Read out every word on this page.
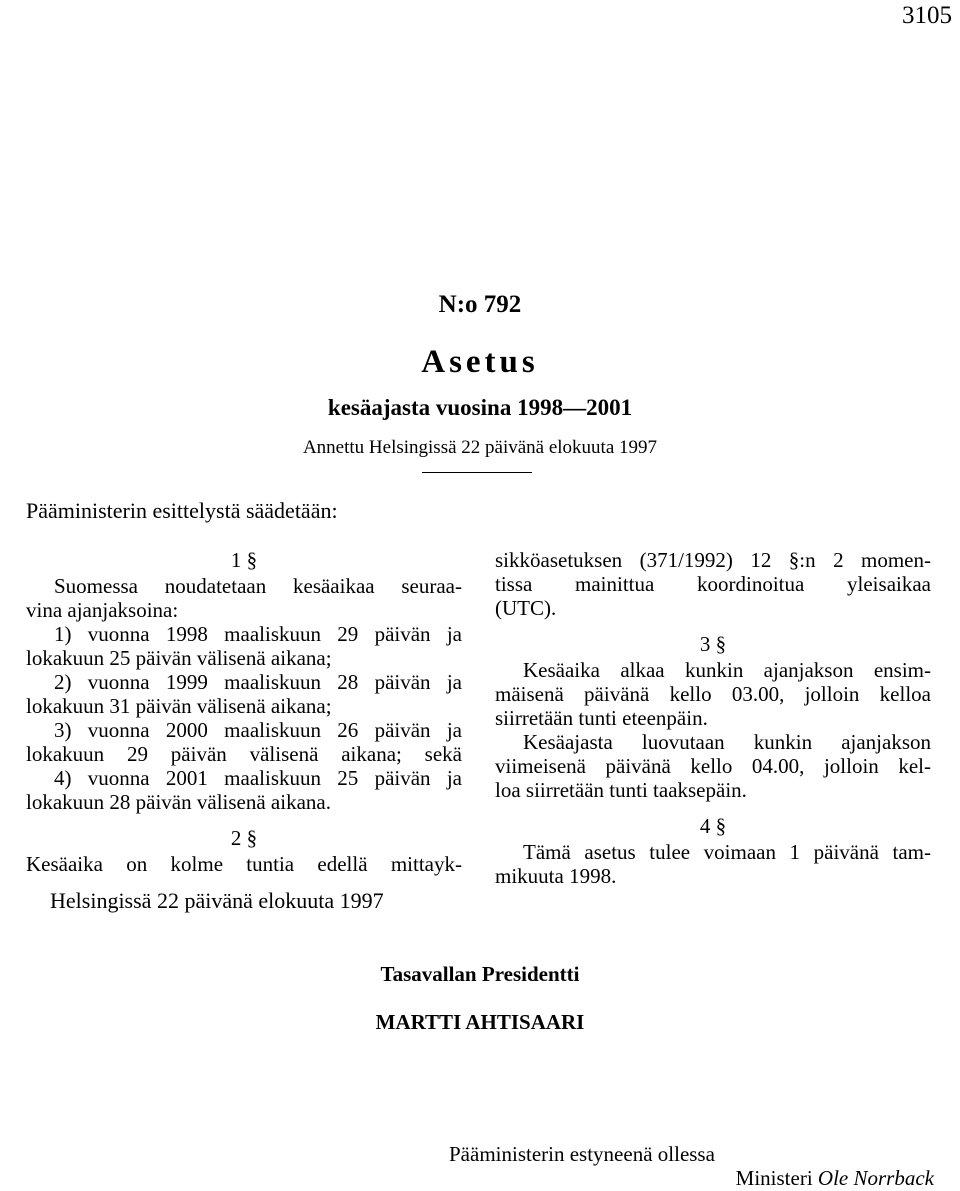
3105
N:o 792
Asetus
kesäajasta vuosina 1998—2001
Annettu Helsingissä 22 päivänä elokuuta 1997
Pääministerin esittelystä säädetään:
1 §
Suomessa noudatetaan kesäaikaa seuraa-
vina ajanjaksoina:
1) vuonna 1998 maaliskuun 29 päivän ja
lokakuun 25 päivän välisenä aikana;
2) vuonna 1999 maaliskuun 28 päivän ja
lokakuun 31 päivän välisenä aikana;
3) vuonna 2000 maaliskuun 26 päivän ja
lokakuun 29 päivän välisenä aikana; sekä
4) vuonna 2001 maaliskuun 25 päivän ja
lokakuun 28 päivän välisenä aikana.
2 §
Kesäaika on kolme tuntia edellä mittayk-
sikköasetuksen (371/1992) 12 §:n 2 momen-
tissa mainittua koordinoitua yleisaikaa
(UTC).
3 §
Kesäaika alkaa kunkin ajanjakson ensim-
mäisenä päivänä kello 03.00, jolloin kelloa
siirretään tunti eteenpäin.
Kesäajasta luovutaan kunkin ajanjakson
viimeisenä päivänä kello 04.00, jolloin kel-
loa siirretään tunti taaksepäin.
4 §
Tämä asetus tulee voimaan 1 päivänä tam-
mikuuta 1998.
Helsingissä 22 päivänä elokuuta 1997
Tasavallan Presidentti
MARTTI AHTISAARI
Pääministerin estyneenä ollessa
Ministeri Ole Norrback
